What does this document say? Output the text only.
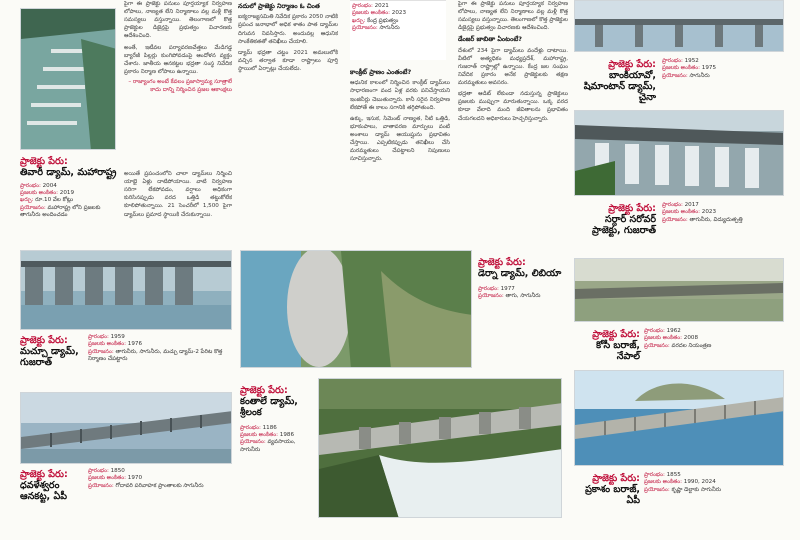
పైగా ఈ ప్రాజెక్టు పనులు పూర్తయ్యాక నిర్వహణ లోపాలు, నాణ్యత లేని నిర్మాణాలు వల్ల మళ్లీ కొత్త సమస్యలు వస్తున్నాయి. తెలంగాణలో కొత్త ప్రాజెక్టుల డిజైన్లపై ప్రభుత్వం విచారణకు ఆదేశించింది.

అంతే, ఇటీవల పర్యావరణవేత్తలు మేడిగడ్డ బ్యారేజీ పిల్లర్లు కుంగిపోవడంపై ఆందోళన వ్యక్తం చేశారు. జాతీయ ఆనకట్టల భద్రతా సంస్థ నివేదిక ప్రకారం నిర్మాణ లోపాలు ఉన్నాయి.

– రాజ్యాంగం అంటే కేవలం ప్రజాస్వామ్య సూత్రాలే కాదు దాన్ని నిర్మించిన ప్రజల ఆకాంక్షలు
ప్రాజెక్టు పేరు:
తివారీ డ్యామ్, మహారాష్ట్ర
ప్రారంభం: 2004
ప్రజలకు అంకితం: 2019
ఖర్చు: రూ.10 వేల కోట్లు
ప్రయోజనం: మహారాష్ట్ర లోని ప్రజలకు తాగునీరు అందించడం

అయితే ప్రపంచంలోని చాలా డ్యామ్‌లు నిర్మించి యాభై ఏళ్లు దాటిపోయాయి. వాటి నిర్వహణ సరిగా లేకపోవడం, వర్షాలు అధికంగా కురిసినప్పుడు వరద ఒత్తిడి తట్టుకోలేక కూలిపోతున్నాయి. 21 సెంచరీలో 1,500 పైగా డ్యామ్‌లు ప్రమాద స్థాయికి చేరుకున్నాయి.

ప్రాజెక్టు పేరు:
మచ్చూ డ్యామ్, గుజరాత్
ప్రారంభం: 1959
ప్రజలకు అంకితం: 1976
ప్రయోజనం: తాగునీరు, సాగునీరు, మచ్చు డ్యామ్-2 పేరిట కొత్త నిర్మాణం చేపట్టారు
ప్రాజెక్టు పేరు:
ధవళేశ్వరం ఆనకట్ట, ఏపీ
ప్రారంభం: 1850
ప్రజలకు అంకితం: 1970
ప్రయోజనం: గోదావరి పరివాహక ప్రాంతాలకు సాగునీరు
నదులో ప్రాజెక్టు నిర్మాణం ఓ చింత

ఐక్యరాజ్యసమితి నివేదిక ప్రకారం 2050 నాటికి ప్రపంచ జనాభాలో అధిక శాతం పాత డ్యామ్‌ల దిగువన నివసిస్తారు. అందువల్ల ఆధునిక సాంకేతికతతో తనిఖీలు చేయాలి.

డ్యామ్ భద్రతా చట్టం 2021 అమలులోకి వచ్చిన తర్వాత కూడా రాష్ట్రాలు పూర్తి స్థాయిలో ఏర్పాట్లు చేయలేదు.

ప్రారంభం: 2021
ప్రజలకు అంకితం: 2023
ఖర్చు: కేంద్ర ప్రభుత్వం
ప్రయోజనం: సాగునీరు
కాంక్రీట్ ప్రాణం ఎంతంటే?

ఆధునిక కాలంలో నిర్మించిన కాంక్రీట్ డ్యామ్‌లు సాధారణంగా వంద ఏళ్ల వరకు పనిచేస్తాయని ఇంజినీర్లు చెబుతున్నారు. కానీ సరైన నిర్వహణ లేకపోతే ఈ కాలం సగానికి తగ్గిపోతుంది.

ఉక్కు, ఇసుక, సిమెంట్ నాణ్యత, నీటి ఒత్తిడి, భూకంపాలు, వాతావరణ మార్పులు వంటి అంశాలు డ్యామ్ ఆయుష్షును ప్రభావితం చేస్తాయి. ఎప్పటికప్పుడు తనిఖీలు చేసి మరమ్మతులు చేపట్టాలని నిపుణులు సూచిస్తున్నారు.

ప్రాజెక్టు పేరు:
డెర్నా డ్యామ్, లిబియా
ప్రారంభం: 1977
ప్రయోజనం: తాగు, సాగునీరు
ప్రాజెక్టు పేరు:
కంతాలే డ్యామ్, శ్రీలంక
ప్రారంభం: 1186
ప్రజలకు అంకితం: 1986
ప్రయోజనం: వ్యవసాయం, సాగునీరు

పైగా ఈ ప్రాజెక్టు పనులు పూర్తయ్యాక నిర్వహణ లోపాలు, నాణ్యత లేని నిర్మాణాలు వల్ల మళ్లీ కొత్త సమస్యలు వస్తున్నాయి. తెలంగాణలో కొత్త ప్రాజెక్టుల డిజైన్లపై ప్రభుత్వం విచారణకు ఆదేశించింది.

డేంజర్ జాబితా ఏంటంటే?

దేశంలో 234 పైగా డ్యామ్‌లు వందేళ్లు దాటాయి. వీటిలో అత్యధికం మధ్యప్రదేశ్, మహారాష్ట్ర, గుజరాత్ రాష్ట్రాల్లో ఉన్నాయి. కేంద్ర జల సంఘం నివేదిక ప్రకారం అనేక ప్రాజెక్టులకు తక్షణ మరమ్మతులు అవసరం.

భద్రతా ఆడిట్ లేకుండా నడుస్తున్న ప్రాజెక్టులు ప్రజలకు ముప్పుగా మారుతున్నాయి. ఒక్క వరద కూడా వేలాది మంది జీవితాలను ప్రభావితం చేయగలదని అధికారులు హెచ్చరిస్తున్నారు.

ప్రాజెక్టు పేరు:
బాంకియావో, షిమాంటాన్ డ్యామ్, చైనా
ప్రారంభం: 1952
ప్రజలకు అంకితం: 1975
ప్రయోజనం: సాగునీరు
ప్రాజెక్టు పేరు:
సర్దార్ సరోవర్ ప్రాజెక్టు, గుజరాత్
ప్రారంభం: 2017
ప్రజలకు అంకితం: 2023
ప్రయోజనం: తాగునీరు, విద్యుదుత్పత్తి
ప్రాజెక్టు పేరు:
కోసీ బరాజ్, నేపాల్
ప్రారంభం: 1962
ప్రజలకు అంకితం: 2008
ప్రయోజనం: వరదల నియంత్రణ
ప్రాజెక్టు పేరు:
ప్రకాశం బరాజ్, ఏపీ
ప్రారంభం: 1855
ప్రజలకు అంకితం: 1990, 2024
ప్రయోజనం: కృష్ణా డెల్టాకు సాగునీరు
